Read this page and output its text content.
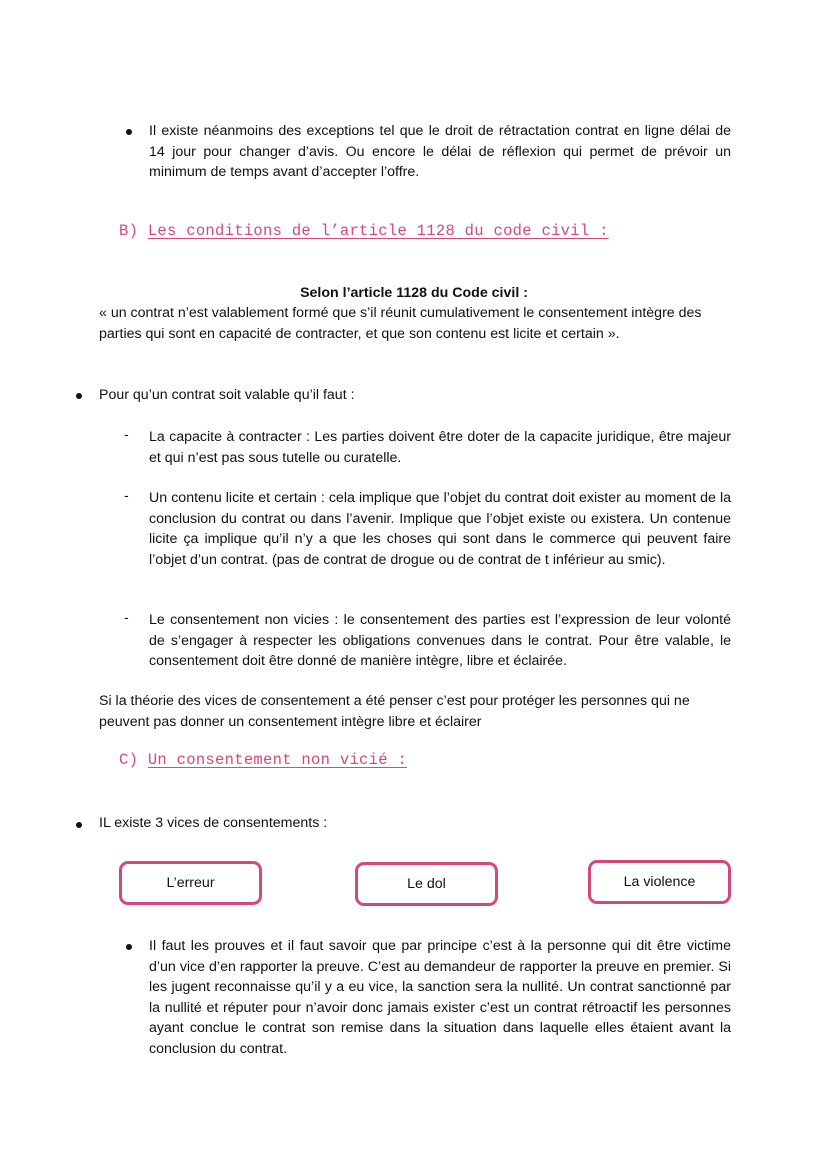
Il existe néanmoins des exceptions tel que le droit de rétractation contrat en ligne délai de 14 jour pour changer d’avis. Ou encore le délai de réflexion qui permet de prévoir un minimum de temps avant d’accepter l’offre.
B) Les conditions de l’article 1128 du code civil :
Selon l’article 1128 du Code civil :
« un contrat n’est valablement formé que s’il réunit cumulativement le consentement intègre des parties qui sont en capacité de contracter, et que son contenu est licite et certain ».
Pour qu’un contrat soit valable qu’il faut :
- La capacite à contracter : Les parties doivent être doter de la capacite juridique, être majeur et qui n’est pas sous tutelle ou curatelle.
- Un contenu licite et certain : cela implique que l’objet du contrat doit exister au moment de la conclusion du contrat ou dans l’avenir. Implique que l’objet existe ou existera. Un contenue licite ça implique qu’il n’y a que les choses qui sont dans le commerce qui peuvent faire l’objet d’un contrat. (pas de contrat de drogue ou de contrat de t inférieur au smic).
- Le consentement non vicies : le consentement des parties est l’expression de leur volonté de s’engager à respecter les obligations convenues dans le contrat. Pour être valable, le consentement doit être donné de manière intègre, libre et éclairée.
Si la théorie des vices de consentement a été penser c’est pour protéger les personnes qui ne peuvent pas donner un consentement intègre libre et éclairer
C) Un consentement non vicié :
IL existe 3 vices de consentements :
L’erreur	Le dol	La violence
Il faut les prouves et il faut savoir que par principe c’est à la personne qui dit être victime d’un vice d’en rapporter la preuve. C’est au demandeur de rapporter la preuve en premier. Si les jugent reconnaisse qu’il y a eu vice, la sanction sera la nullité. Un contrat sanctionné par la nullité et réputer pour n’avoir donc jamais exister c’est un contrat rétroactif les personnes ayant conclue le contrat son remise dans la situation dans laquelle elles étaient avant la conclusion du contrat.
